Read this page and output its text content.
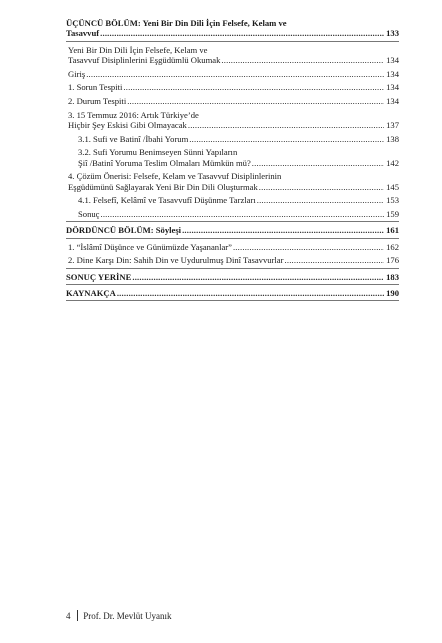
ÜÇÜNCÜ BÖLÜM: Yeni Bir Din Dili İçin Felsefe, Kelam ve
Tasavvuf .....	133
Yeni Bir Din Dili İçin Felsefe, Kelam ve
Tasavvuf Disiplinlerini Eşgüdümlü Okumak .....	134
Giriş .....	134
1. Sorun Tespiti .....	134
2. Durum Tespiti .....	134
3. 15 Temmuz 2016: Artık Türkiye’de
Hiçbir Şey Eskisi Gibi Olmayacak .....	137
3.1. Sufi ve Batinî /İbahi Yorum .....	138
3.2. Sufi Yorumu Benimseyen Sünni Yapıların
Şiî /Batinî Yoruma Teslim Olmaları Mümkün mü? .....	142
4. Çözüm Önerisi: Felsefe, Kelam ve Tasavvuf Disiplinlerinin
Eşgüdümünü Sağlayarak Yeni Bir Din Dili Oluşturmak .....	145
4.1. Felsefî, Kelâmî ve Tasavvufî Düşünme Tarzları .....	153
Sonuç .....	159
DÖRDÜNCÜ BÖLÜM: Söyleşi .....	161
1. “İslâmî Düşünce ve Günümüzde Yaşananlar” .....	162
2. Dine Karşı Din: Sahih Din ve Uydurulmuş Dinî Tasavvurlar .....	176
SONUÇ YERİNE .....	183
KAYNAKÇA .....	190
4 Prof. Dr. Mevlüt Uyanık
